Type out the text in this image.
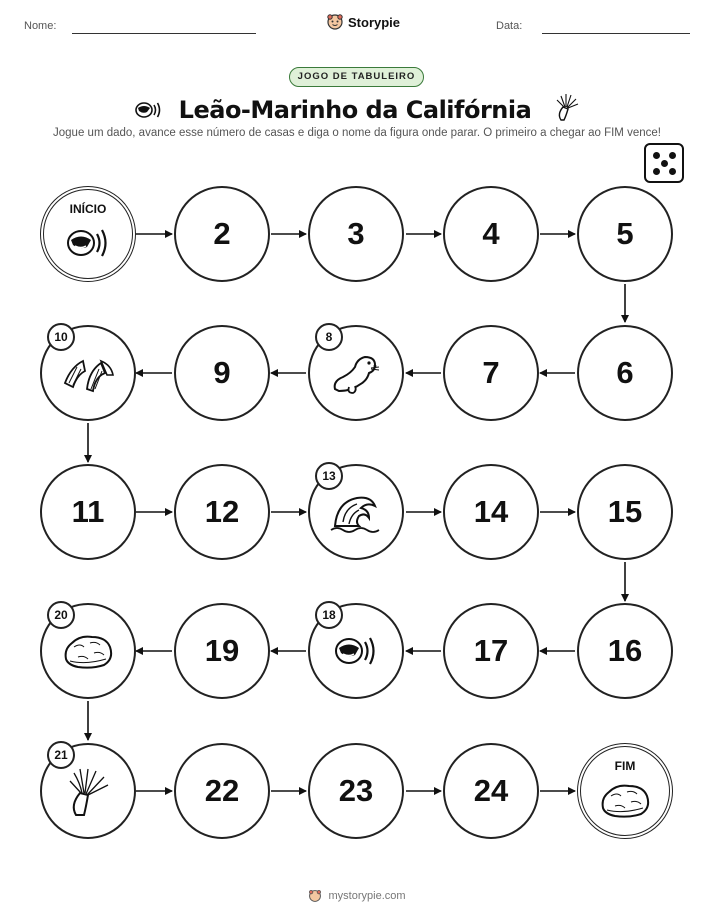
Nome:	Storypie	Data:
JOGO DE TABULEIRO
Leão-Marinho da Califórnia
Jogue um dado, avance esse número de casas e diga o nome da figura onde parar. O primeiro a chegar ao FIM vence!
INÍCIO
2	3	4	5
6
7
8
9
10
11	12
13
14	15
16
17
18
19
20
21
22	23	24
FIM
mystorypie.com
